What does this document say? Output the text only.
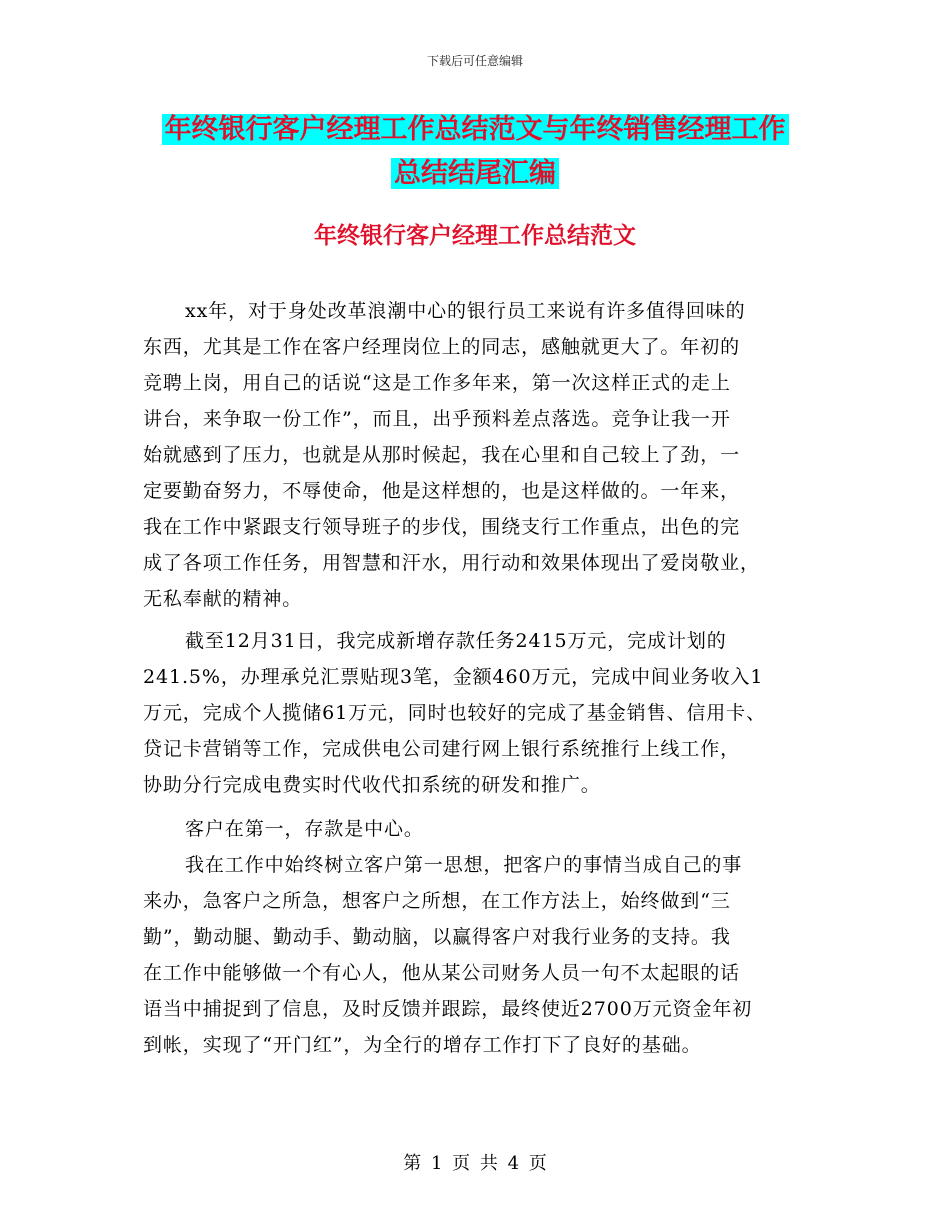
下载后可任意编辑
年终银行客户经理工作总结范文与年终销售经理工作
总结结尾汇编
年终银行客户经理工作总结范文
xx年，对于身处改革浪潮中心的银行员工来说有许多值得回味的
东西，尤其是工作在客户经理岗位上的同志，感触就更大了。年初的
竞聘上岗，用自己的话说“这是工作多年来，第一次这样正式的走上
讲台，来争取一份工作”，而且，出乎预料差点落选。竞争让我一开
始就感到了压力，也就是从那时候起，我在心里和自己较上了劲，一
定要勤奋努力，不辱使命，他是这样想的，也是这样做的。一年来，
我在工作中紧跟支行领导班子的步伐，围绕支行工作重点，出色的完
成了各项工作任务，用智慧和汗水，用行动和效果体现出了爱岗敬业，
无私奉献的精神。
截至12月31日，我完成新增存款任务2415万元，完成计划的
241.5%，办理承兑汇票贴现3笔，金额460万元，完成中间业务收入1
万元，完成个人揽储61万元，同时也较好的完成了基金销售、信用卡、
贷记卡营销等工作，完成供电公司建行网上银行系统推行上线工作，
协助分行完成电费实时代收代扣系统的研发和推广。
客户在第一，存款是中心。
我在工作中始终树立客户第一思想，把客户的事情当成自己的事
来办，急客户之所急，想客户之所想，在工作方法上，始终做到“三
勤”，勤动腿、勤动手、勤动脑，以赢得客户对我行业务的支持。我
在工作中能够做一个有心人，他从某公司财务人员一句不太起眼的话
语当中捕捉到了信息，及时反馈并跟踪，最终使近2700万元资金年初
到帐，实现了“开门红”，为全行的增存工作打下了良好的基础。
第 1 页 共 4 页
